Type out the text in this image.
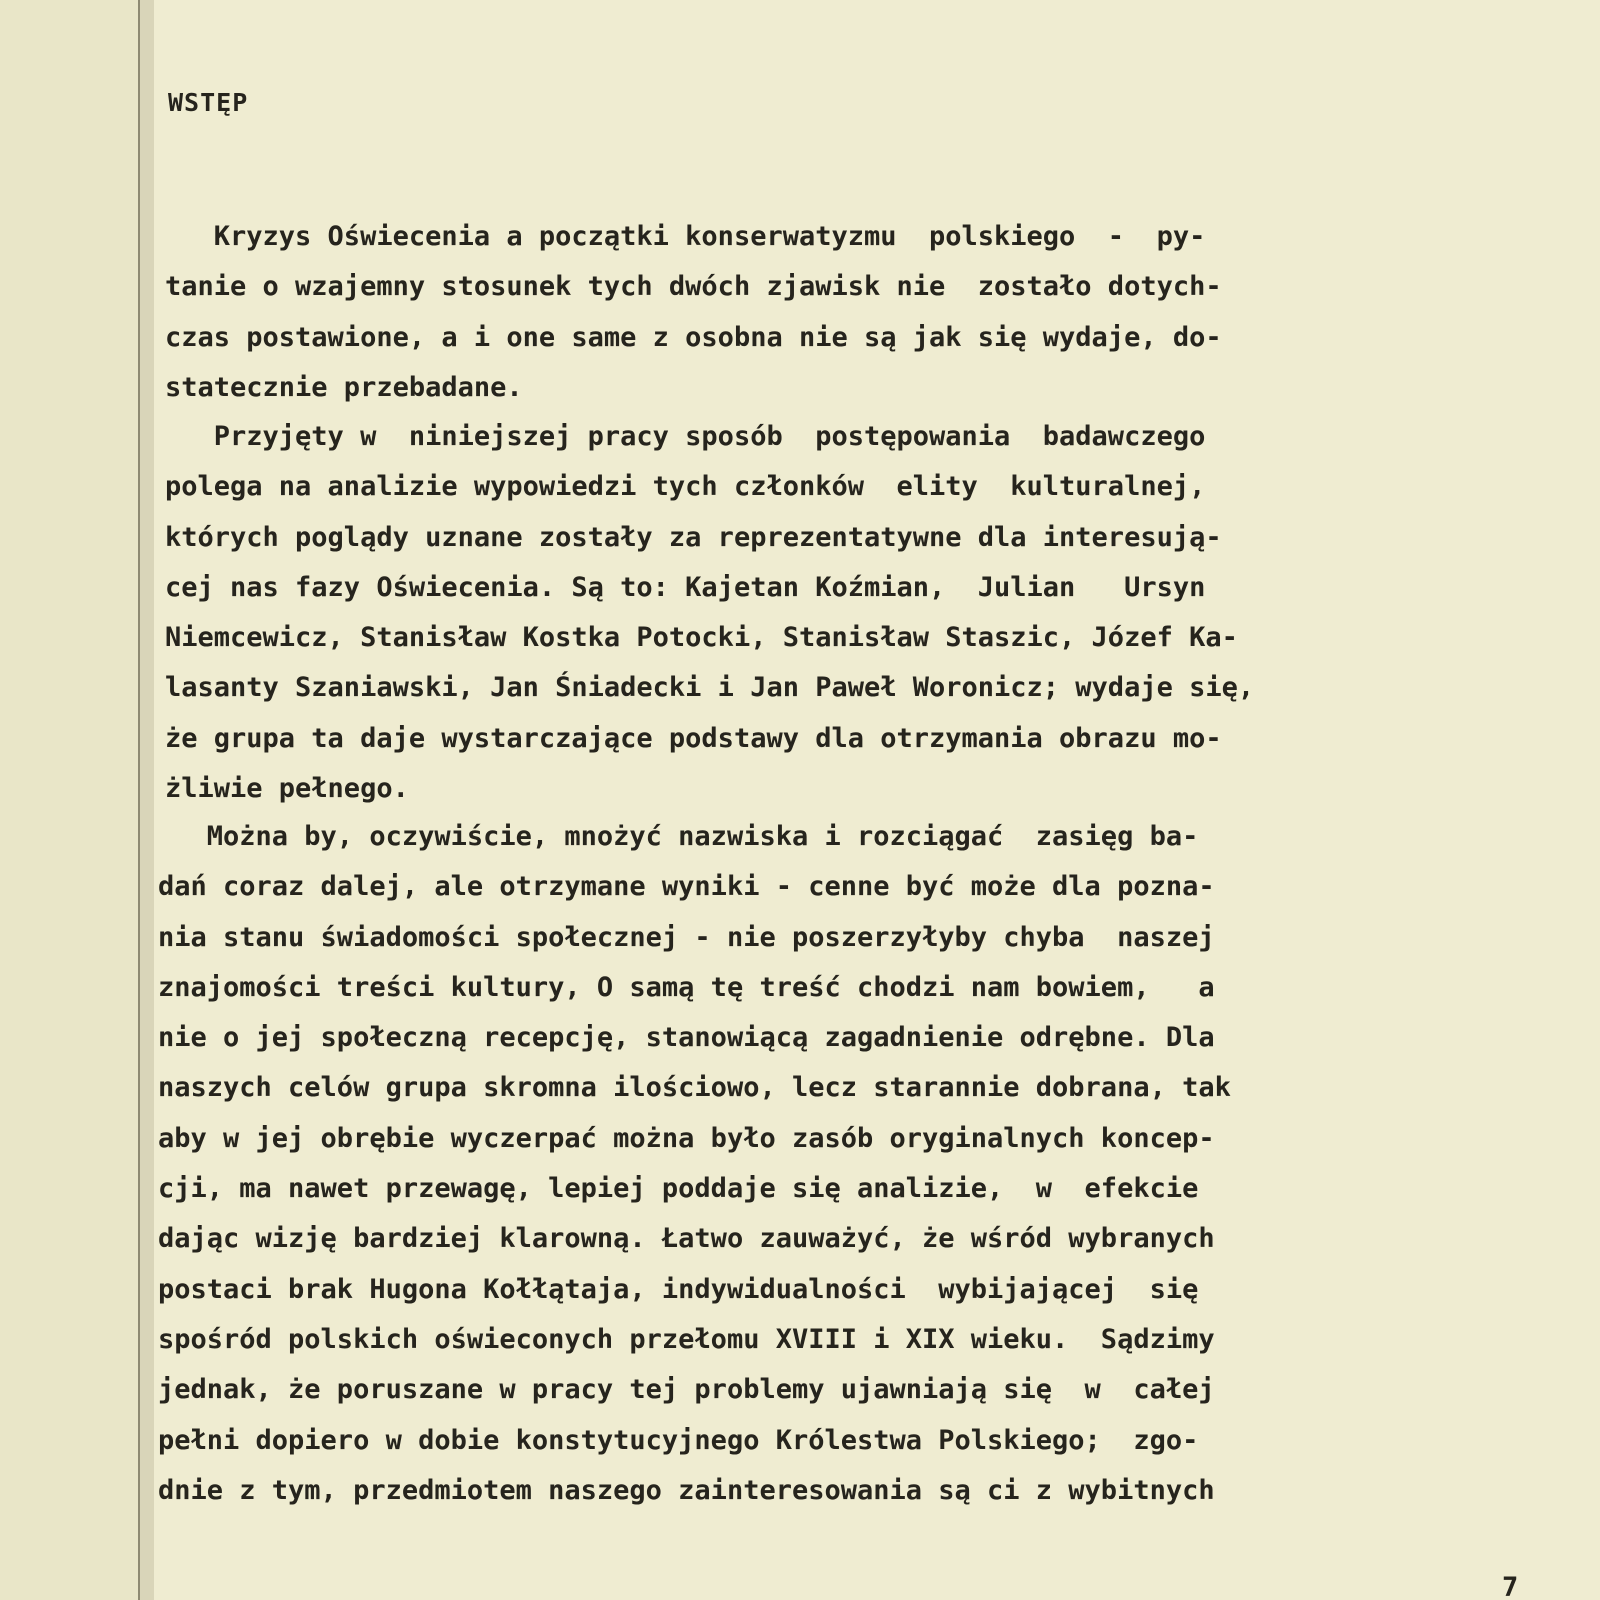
WSTĘP

Kryzys Oświecenia a początki konserwatyzmu  polskiego  -  py-
tanie o wzajemny stosunek tych dwóch zjawisk nie  zostało dotych-
czas postawione, a i one same z osobna nie są jak się wydaje, do-
statecznie przebadane.

Przyjęty w  niniejszej pracy sposób  postępowania  badawczego
polega na analizie wypowiedzi tych członków  elity  kulturalnej,
których poglądy uznane zostały za reprezentatywne dla interesują-
cej nas fazy Oświecenia. Są to: Kajetan Koźmian,  Julian   Ursyn
Niemcewicz, Stanisław Kostka Potocki, Stanisław Staszic, Józef Ka-
lasanty Szaniawski, Jan Śniadecki i Jan Paweł Woronicz; wydaje się,
że grupa ta daje wystarczające podstawy dla otrzymania obrazu mo-
żliwie pełnego.

Można by, oczywiście, mnożyć nazwiska i rozciągać  zasięg ba-
dań coraz dalej, ale otrzymane wyniki - cenne być może dla pozna-
nia stanu świadomości społecznej - nie poszerzyłyby chyba  naszej
znajomości treści kultury, O samą tę treść chodzi nam bowiem,   a
nie o jej społeczną recepcję, stanowiącą zagadnienie odrębne. Dla
naszych celów grupa skromna ilościowo, lecz starannie dobrana, tak
aby w jej obrębie wyczerpać można było zasób oryginalnych koncep-
cji, ma nawet przewagę, lepiej poddaje się analizie,  w  efekcie
dając wizję bardziej klarowną. Łatwo zauważyć, że wśród wybranych
postaci brak Hugona Kołłątaja, indywidualności  wybijającej  się
spośród polskich oświeconych przełomu XVIII i XIX wieku.  Sądzimy
jednak, że poruszane w pracy tej problemy ujawniają się  w  całej
pełni dopiero w dobie konstytucyjnego Królestwa Polskiego;  zgo-
dnie z tym, przedmiotem naszego zainteresowania są ci z wybitnych

7
